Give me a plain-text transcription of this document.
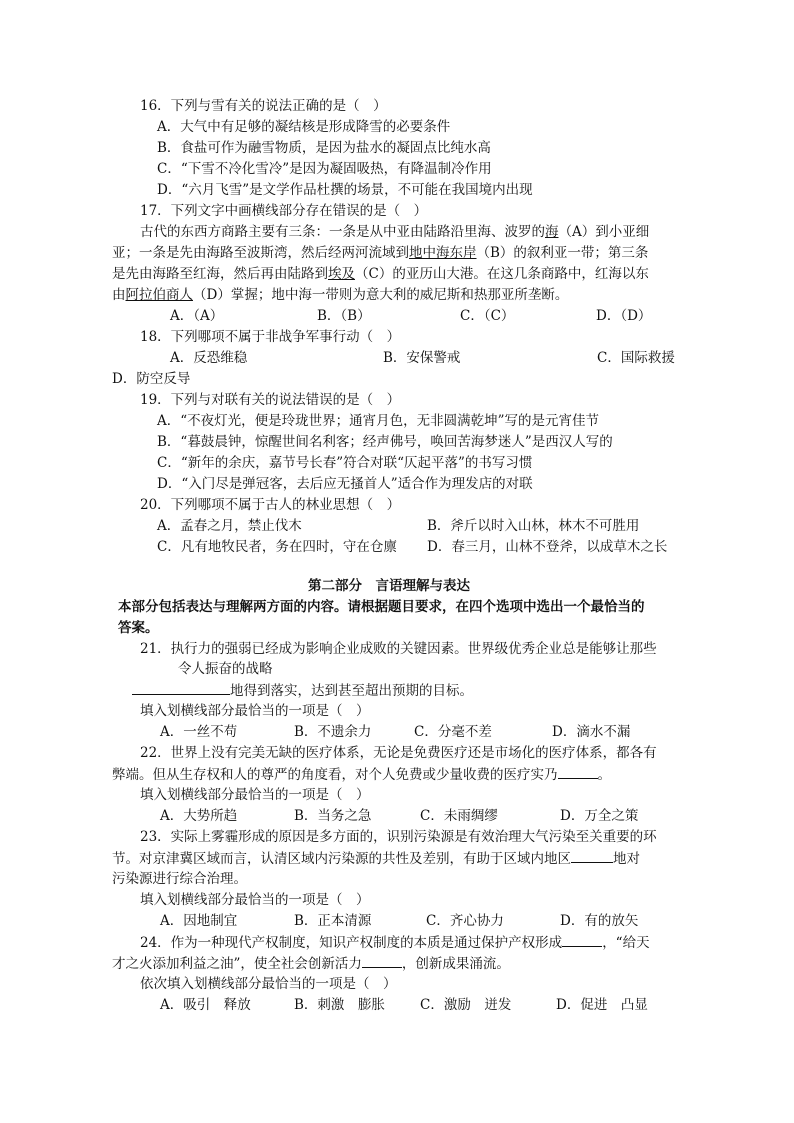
16．下列与雪有关的说法正确的是（　）
A．大气中有足够的凝结核是形成降雪的必要条件
B．食盐可作为融雪物质，是因为盐水的凝固点比纯水高
C．“下雪不冷化雪冷”是因为凝固吸热，有降温制冷作用
D．“六月飞雪”是文学作品杜撰的场景，不可能在我国境内出现
17．下列文字中画横线部分存在错误的是（　）
古代的东西方商路主要有三条：一条是从中亚由陆路沿里海、波罗的海（A）到小亚细
亚；一条是先由海路至波斯湾，然后经两河流域到地中海东岸（B）的叙利亚一带；第三条
是先由海路至红海，然后再由陆路到埃及（C）的亚历山大港。在这几条商路中，红海以东
由阿拉伯商人（D）掌握；地中海一带则为意大利的威尼斯和热那亚所垄断。
A．（A）	B．（B）	C．（C）	D．（D）
18．下列哪项不属于非战争军事行动（　）
A．反恐维稳	B．安保警戒	C．国际救援
D．防空反导
19．下列与对联有关的说法错误的是（　）
A．“不夜灯光，便是玲珑世界；通宵月色，无非圆满乾坤”写的是元宵佳节
B．“暮鼓晨钟，惊醒世间名利客；经声佛号，唤回苦海梦迷人”是西汉人写的
C．“新年的余庆，嘉节号长春”符合对联“仄起平落”的书写习惯
D．“入门尽是弹冠客，去后应无搔首人”适合作为理发店的对联
20．下列哪项不属于古人的林业思想（　）
A．孟春之月，禁止伐木	B．斧斤以时入山林，林木不可胜用
C．凡有地牧民者，务在四时，守在仓廪 D．春三月，山林不登斧，以成草木之长
第二部分　言语理解与表达
本部分包括表达与理解两方面的内容。请根据题目要求，在四个选项中选出一个最恰当的
答案。
21．执行力的强弱已经成为影响企业成败的关键因素。世界级优秀企业总是能够让那些
令人振奋的战略
地得到落实，达到甚至超出预期的目标。
填入划横线部分最恰当的一项是（　）
A．一丝不苟	B．不遗余力	C．分毫不差	D．滴水不漏
22．世界上没有完美无缺的医疗体系，无论是免费医疗还是市场化的医疗体系，都各有
弊端。但从生存权和人的尊严的角度看，对个人免费或少量收费的医疗实乃	。
填入划横线部分最恰当的一项是（　）
A．大势所趋	B．当务之急	C．未雨绸缪	D．万全之策
23．实际上雾霾形成的原因是多方面的，识别污染源是有效治理大气污染至关重要的环
节。对京津冀区域而言，认清区域内污染源的共性及差别，有助于区域内地区	地对
污染源进行综合治理。
填入划横线部分最恰当的一项是（　）
A．因地制宜	B．正本清源	C．齐心协力	D．有的放矢
24．作为一种现代产权制度，知识产权制度的本质是通过保护产权形成	，“给天
才之火添加利益之油”，使全社会创新活力	，创新成果涌流。
依次填入划横线部分最恰当的一项是（　）
A．吸引　释放	B．刺激　膨胀	C．激励　迸发	D．促进　凸显
